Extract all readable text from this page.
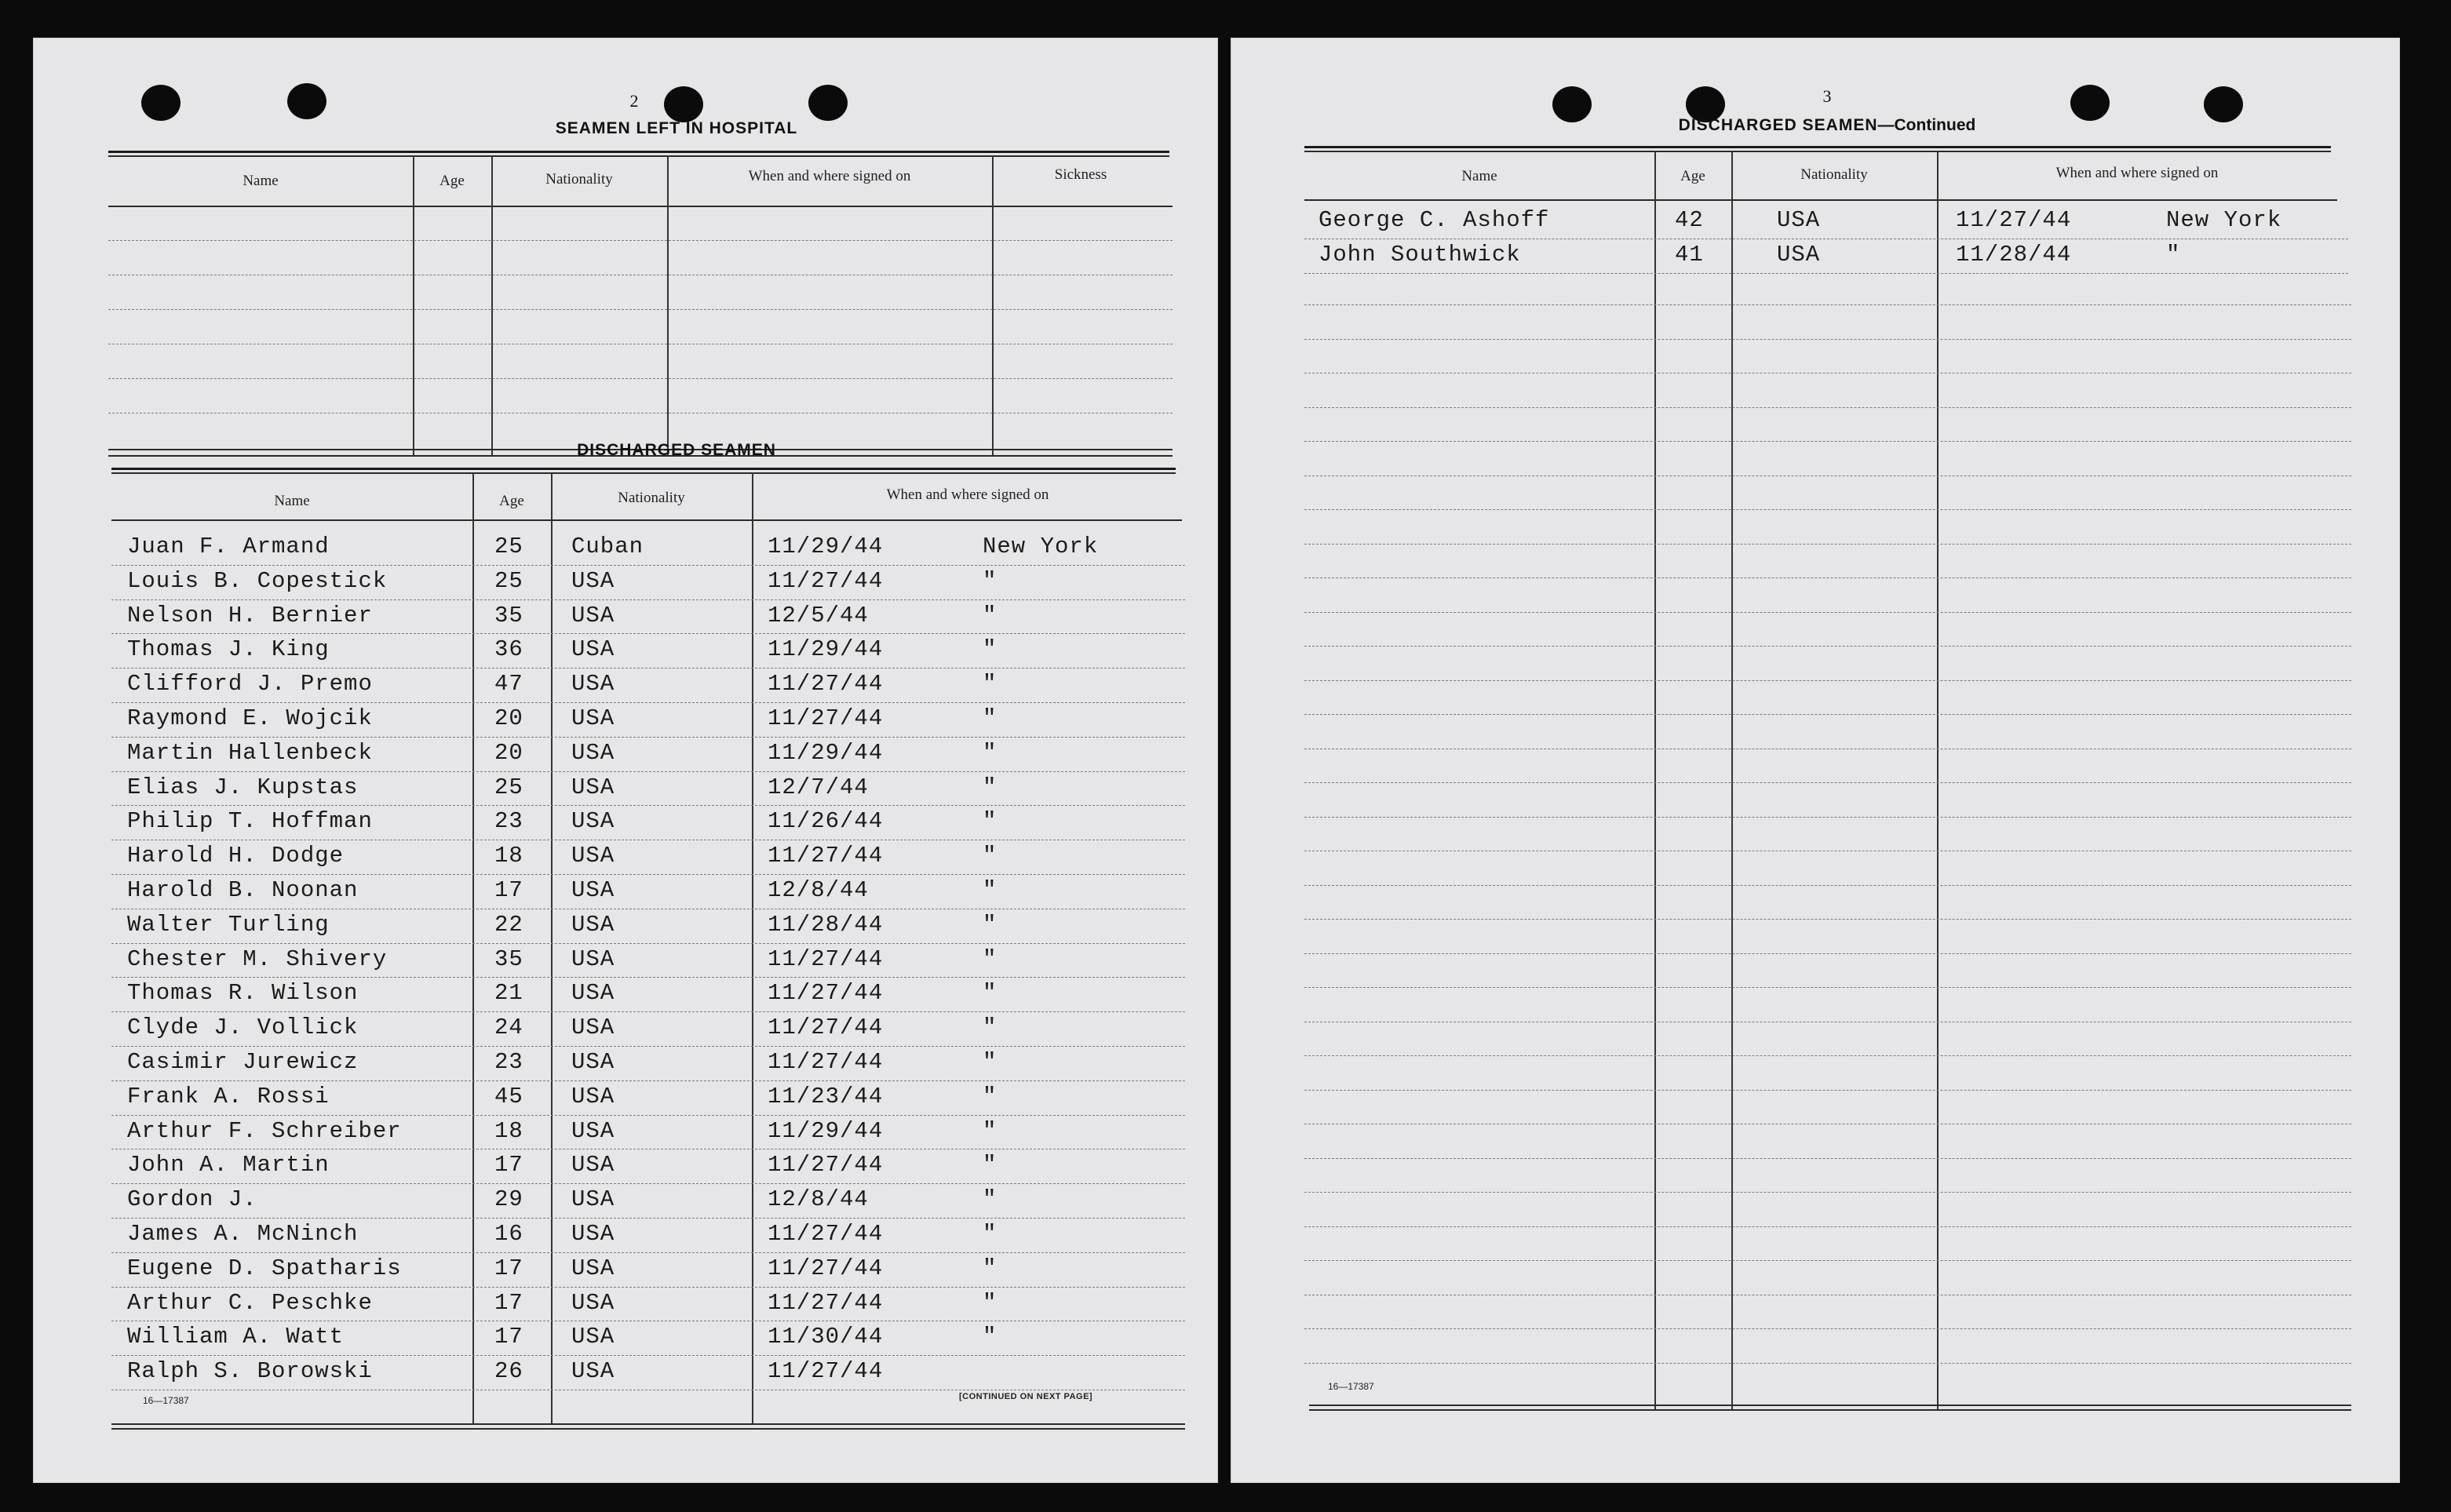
2
SEAMEN LEFT IN HOSPITAL
Name	Age	Nationality	When and where signed on	Sickness
DISCHARGED SEAMEN
Name	Age	Nationality	When and where signed on
Juan F. Armand	25 Cuban	11/29/44	New York
Louis B. Copestick	25 USA	11/27/44	"
Nelson H. Bernier	35 USA	12/5/44	"
Thomas J. King	36 USA	11/29/44	"
Clifford J. Premo	47 USA	11/27/44	"
Raymond E. Wojcik	20 USA	11/27/44	"
Martin Hallenbeck	20 USA	11/29/44	"
Elias J. Kupstas	25 USA	12/7/44	"
Philip T. Hoffman	23 USA	11/26/44	"
Harold H. Dodge	18 USA	11/27/44	"
Harold B. Noonan	17 USA	12/8/44	"
Walter Turling	22 USA	11/28/44	"
Chester M. Shivery	35 USA	11/27/44	"
Thomas R. Wilson	21 USA	11/27/44	"
Clyde J. Vollick	24 USA	11/27/44	"
Casimir Jurewicz	23 USA	11/27/44	"
Frank A. Rossi	45 USA	11/23/44	"
Arthur F. Schreiber	18 USA	11/29/44	"
John A. Martin	17 USA	11/27/44	"
Gordon J.	29 USA	12/8/44	"
James A. McNinch	16 USA	11/27/44	"
Eugene D. Spatharis	17 USA	11/27/44	"
Arthur C. Peschke	17 USA	11/27/44	"
William A. Watt	17 USA	11/30/44	"
Ralph S. Borowski	26 USA	11/27/44
16—17387	[CONTINUED ON NEXT PAGE]
3
DISCHARGED SEAMEN—Continued
Name	Age	Nationality	When and where signed on
George C. Ashoff	42	USA	11/27/44	New York
John Southwick	41	USA	11/28/44	"
16—17387
